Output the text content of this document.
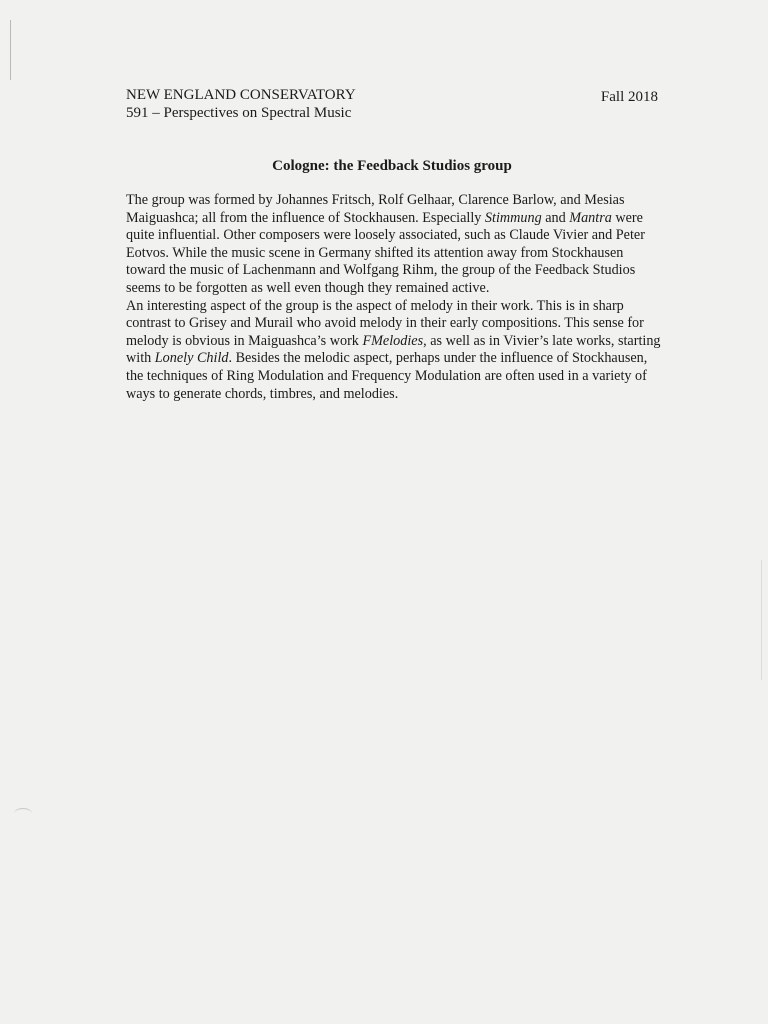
NEW ENGLAND CONSERVATORY
591 – Perspectives on Spectral Music
Fall 2018
Cologne: the Feedback Studios group
The group was formed by Johannes Fritsch, Rolf Gelhaar, Clarence Barlow, and Mesias
Maiguashca; all from the influence of Stockhausen. Especially Stimmung and Mantra were
quite influential. Other composers were loosely associated, such as Claude Vivier and Peter
Eotvos. While the music scene in Germany shifted its attention away from Stockhausen
toward the music of Lachenmann and Wolfgang Rihm, the group of the Feedback Studios
seems to be forgotten as well even though they remained active.
An interesting aspect of the group is the aspect of melody in their work. This is in sharp
contrast to Grisey and Murail who avoid melody in their early compositions. This sense for
melody is obvious in Maiguashca’s work FMelodies, as well as in Vivier’s late works, starting
with Lonely Child. Besides the melodic aspect, perhaps under the influence of Stockhausen,
the techniques of Ring Modulation and Frequency Modulation are often used in a variety of
ways to generate chords, timbres, and melodies.
